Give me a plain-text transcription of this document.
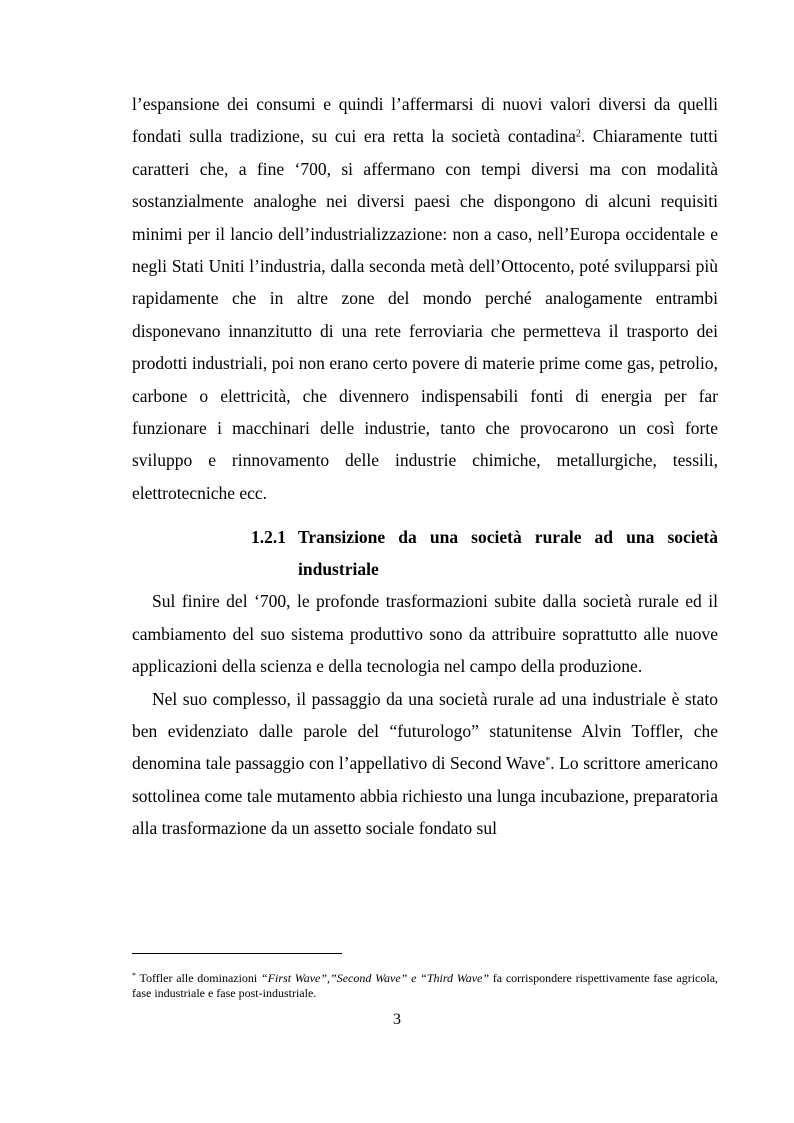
l’espansione dei consumi e quindi l’affermarsi di nuovi valori diversi da quelli fondati sulla tradizione, su cui era retta la società contadina$^2$. Chiaramente tutti caratteri che, a fine ‘700, si affermano con tempi diversi ma con modalità sostanzialmente analoghe nei diversi paesi che dispongono di alcuni requisiti minimi per il lancio dell’industrializzazione: non a caso, nell’Europa occidentale e negli Stati Uniti l’industria, dalla seconda metà dell’Ottocento, poté svilupparsi più rapidamente che in altre zone del mondo perché analogamente entrambi disponevano innanzitutto di una rete ferroviaria che permetteva il trasporto dei prodotti industriali, poi non erano certo povere di materie prime come gas, petrolio, carbone o elettricità, che divennero indispensabili fonti di energia per far funzionare i macchinari delle industrie, tanto che provocarono un così forte sviluppo e rinnovamento delle industrie chimiche, metallurgiche, tessili, elettrotecniche ecc.

1.2.1 Transizione da una società rurale ad una società industriale

Sul finire del ‘700, le profonde trasformazioni subite dalla società rurale ed il cambiamento del suo sistema produttivo sono da attribuire soprattutto alle nuove applicazioni della scienza e della tecnologia nel campo della produzione.

Nel suo complesso, il passaggio da una società rurale ad una industriale è stato ben evidenziato dalle parole del “futurologo” statunitense Alvin Toffler, che denomina tale passaggio con l’appellativo di Second Wave*. Lo scrittore americano sottolinea come tale mutamento abbia richiesto una lunga incubazione, preparatoria alla trasformazione da un assetto sociale fondato sul

* Toffler alle dominazioni “First Wave”,”Second Wave” e “Third Wave” fa corrispondere rispettivamente fase agricola, fase industriale e fase post-industriale.

3
